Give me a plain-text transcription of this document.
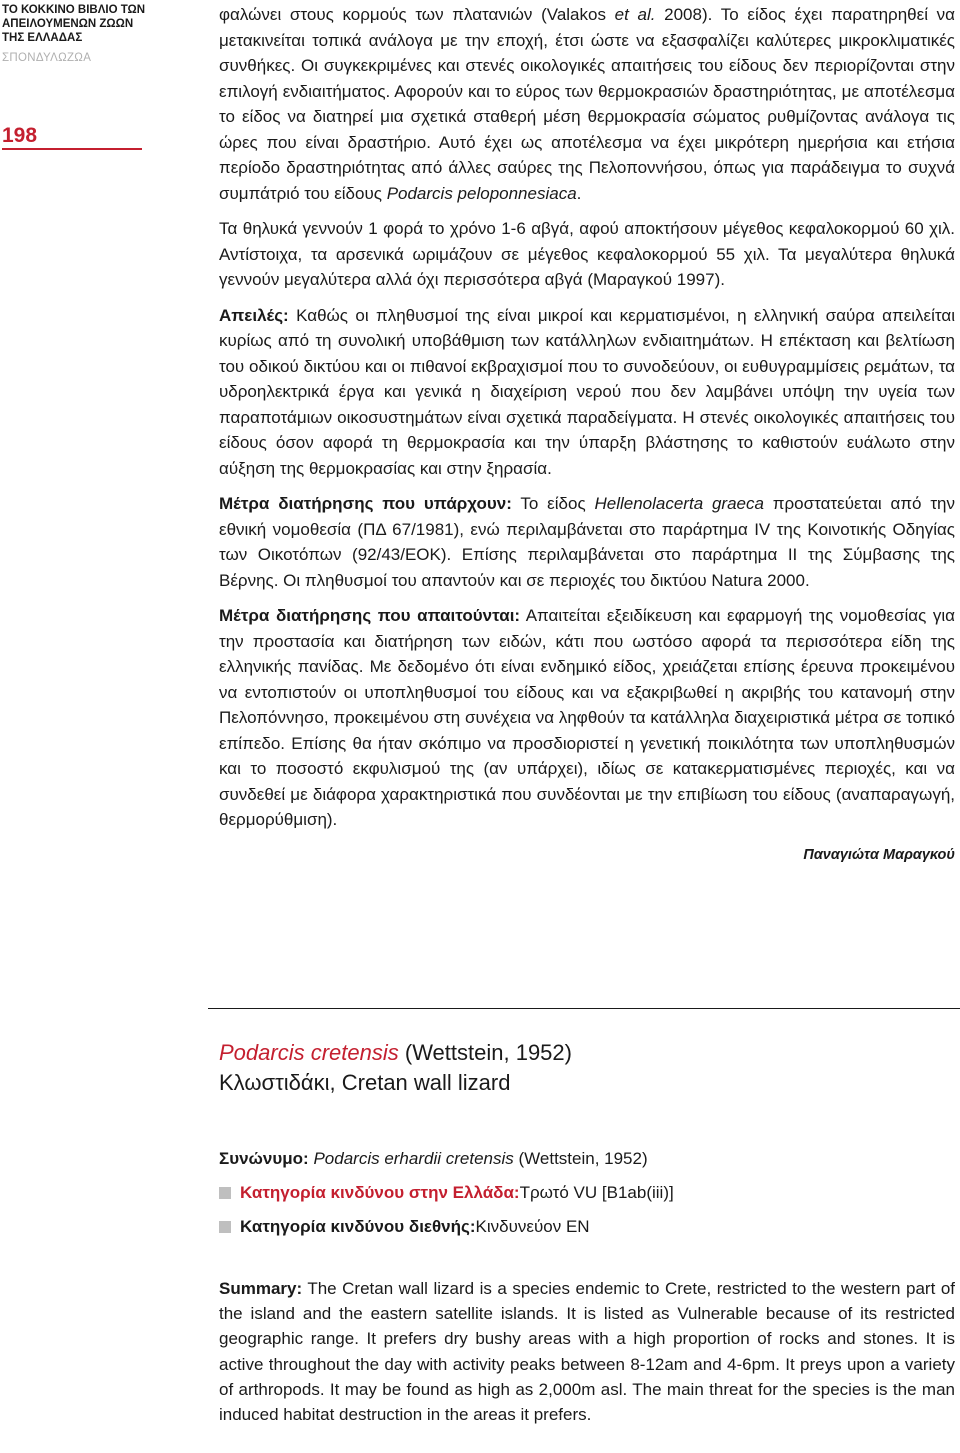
ΤΟ ΚΟΚΚΙΝΟ ΒΙΒΛΙΟ ΤΩΝ
ΑΠΕΙΛΟΥΜΕΝΩΝ ΖΩΩΝ
ΤΗΣ ΕΛΛΑΔΑΣ
ΣΠΟΝΔΥΛΩΖΩΑ
198

φαλώνει στους κορμούς των πλατανιών (Valakos et al. 2008). Το είδος έχει παρατηρηθεί να μετακινείται τοπικά ανάλογα με την εποχή, έτσι ώστε να εξασφαλίζει καλύτερες μικροκλιματικές συνθήκες. Οι συγκεκριμένες και στενές οικολογικές απαιτήσεις του είδους δεν περιορίζονται στην επιλογή ενδιαιτήματος. Αφορούν και το εύρος των θερμοκρασιών δραστηριότητας, με αποτέλεσμα το είδος να διατηρεί μια σχετικά σταθερή μέση θερμοκρασία σώματος ρυθμίζοντας ανάλογα τις ώρες που είναι δραστήριο. Αυτό έχει ως αποτέλεσμα να έχει μικρότερη ημερήσια και ετήσια περίοδο δραστηριότητας από άλλες σαύρες της Πελοποννήσου, όπως για παράδειγμα το συχνά συμπάτριό του είδους Podarcis peloponnesiaca.

Τα θηλυκά γεννούν 1 φορά το χρόνο 1-6 αβγά, αφού αποκτήσουν μέγεθος κεφαλοκορμού 60 χιλ. Αντίστοιχα, τα αρσενικά ωριμάζουν σε μέγεθος κεφαλοκορμού 55 χιλ. Τα μεγαλύτερα θηλυκά γεννούν μεγαλύτερα αλλά όχι περισσότερα αβγά (Μαραγκού 1997).

Απειλές: Καθώς οι πληθυσμοί της είναι μικροί και κερματισμένοι, η ελληνική σαύρα απειλείται κυρίως από τη συνολική υποβάθμιση των κατάλληλων ενδιαιτημάτων. Η επέκταση και βελτίωση του οδικού δικτύου και οι πιθανοί εκβραχισμοί που το συνοδεύουν, οι ευθυγραμμίσεις ρεμάτων, τα υδροηλεκτρικά έργα και γενικά η διαχείριση νερού που δεν λαμβάνει υπόψη την υγεία των παραποτάμιων οικοσυστημάτων είναι σχετικά παραδείγματα. Η στενές οικολογικές απαιτήσεις του είδους όσον αφορά τη θερμοκρασία και την ύπαρξη βλάστησης το καθιστούν ευάλωτο στην αύξηση της θερμοκρασίας και στην ξηρασία.

Μέτρα διατήρησης που υπάρχουν: Το είδος Hellenolacerta graeca προστατεύεται από την εθνική νομοθεσία (ΠΔ 67/1981), ενώ περιλαμβάνεται στο παράρτημα IV της Κοινοτικής Οδηγίας των Οικοτόπων (92/43/ΕΟΚ). Επίσης περιλαμβάνεται στο παράρτημα II της Σύμβασης της Βέρνης. Οι πληθυσμοί του απαντούν και σε περιοχές του δικτύου Natura 2000.

Μέτρα διατήρησης που απαιτούνται: Απαιτείται εξειδίκευση και εφαρμογή της νομοθεσίας για την προστασία και διατήρηση των ειδών, κάτι που ωστόσο αφορά τα περισσότερα είδη της ελληνικής πανίδας. Με δεδομένο ότι είναι ενδημικό είδος, χρειάζεται επίσης έρευνα προκειμένου να εντοπιστούν οι υποπληθυσμοί του είδους και να εξακριβωθεί η ακριβής του κατανομή στην Πελοπόννησο, προκειμένου στη συνέχεια να ληφθούν τα κατάλληλα διαχειριστικά μέτρα σε τοπικό επίπεδο. Επίσης θα ήταν σκόπιμο να προσδιοριστεί η γενετική ποικιλότητα των υποπληθυσμών και το ποσοστό εκφυλισμού της (αν υπάρχει), ιδίως σε κατακερματισμένες περιοχές, και να συνδεθεί με διάφορα χαρακτηριστικά που συνδέονται με την επιβίωση του είδους (αναπαραγωγή, θερμορύθμιση).

Παναγιώτα Μαραγκού

Podarcis cretensis (Wettstein, 1952)
Κλωστιδάκι, Cretan wall lizard
Συνώνυμο: Podarcis erhardii cretensis (Wettstein, 1952)
Κατηγορία κινδύνου στην Ελλάδα: Τρωτό VU [B1ab(iii)]
Κατηγορία κινδύνου διεθνής: Κινδυνεύον EN

Summary: The Cretan wall lizard is a species endemic to Crete, restricted to the western part of the island and the eastern satellite islands. It is listed as Vulnerable because of its restricted geographic range. It prefers dry bushy areas with a high proportion of rocks and stones. It is active throughout the day with activity peaks between 8-12am and 4-6pm. It preys upon a variety of arthropods. It may be found as high as 2,000m asl. The main threat for the species is the man induced habitat destruction in the areas it prefers.
